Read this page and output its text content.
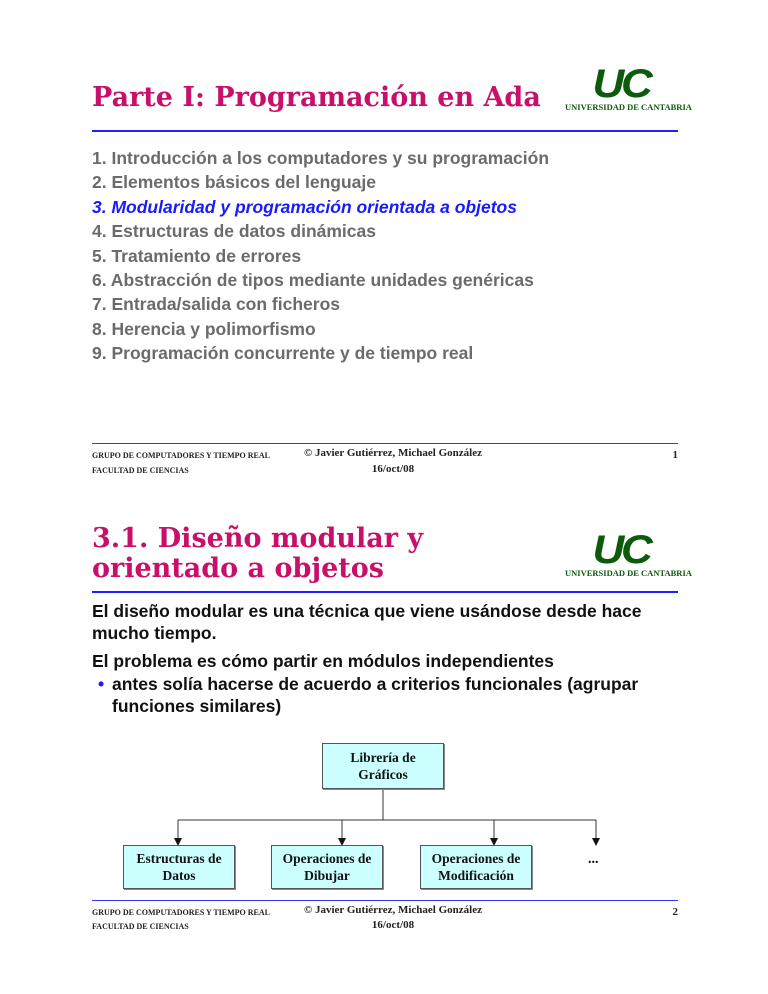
Parte I: Programación en Ada	UC
UNIVERSIDAD DE CANTABRIA
1. Introducción a los computadores y su programación
2. Elementos básicos del lenguaje
3. Modularidad y programación orientada a objetos
4. Estructuras de datos dinámicas
5. Tratamiento de errores
6. Abstracción de tipos mediante unidades genéricas
7. Entrada/salida con ficheros
8. Herencia y polimorfismo
9. Programación concurrente y de tiempo real
GRUPO DE COMPUTADORES Y TIEMPO REAL
FACULTAD DE CIENCIAS
© Javier Gutiérrez, Michael González
16/oct/08
1
3.1. Diseño modular y
orientado a objetos	UC
UNIVERSIDAD DE CANTABRIA
El diseño modular es una técnica que viene usándose desde hace mucho tiempo.
El problema es cómo partir en módulos independientes
• antes solía hacerse de acuerdo a criterios funcionales (agrupar funciones similares)
Librería de
Gráficos
Estructuras de
Datos
Operaciones de
Dibujar
Operaciones de
Modificación
...
GRUPO DE COMPUTADORES Y TIEMPO REAL
FACULTAD DE CIENCIAS
© Javier Gutiérrez, Michael González
16/oct/08
2
